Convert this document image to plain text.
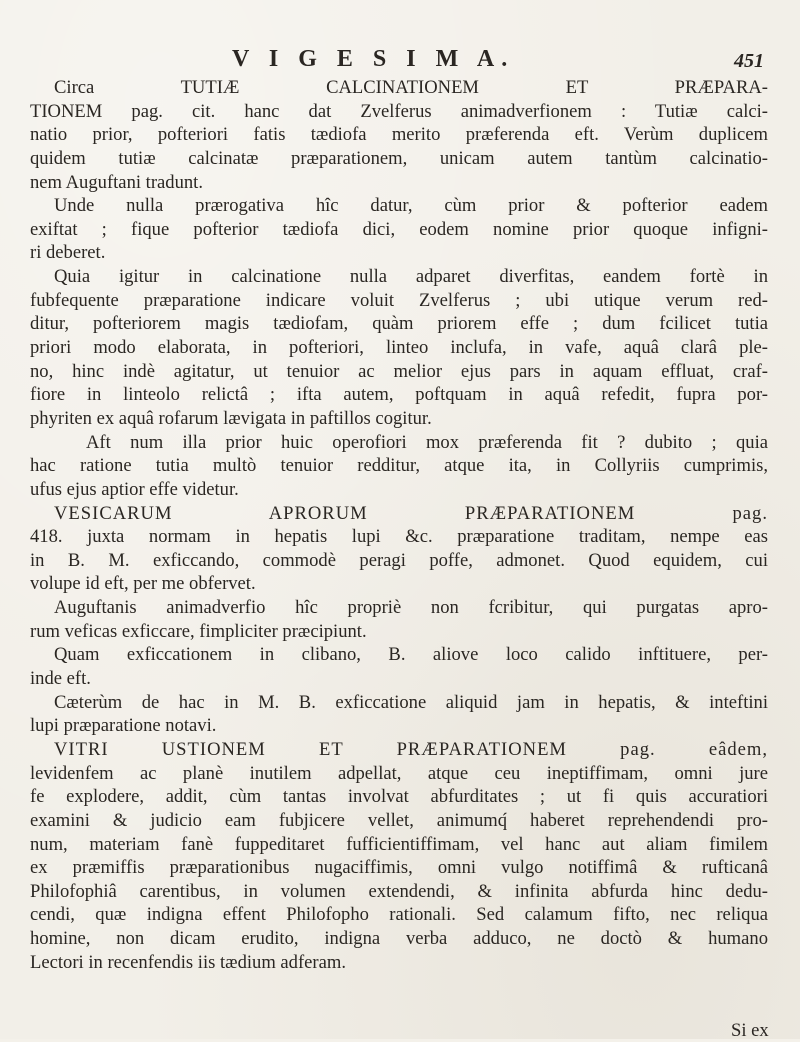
V I G E S I M A.	451
Circa TUTIÆ CALCINATIONEM ET PRÆPARA-
TIONEM pag. cit. hanc dat Zvelferus animadverfionem : Tutiæ calci-
natio prior, pofteriori fatis tædiofa merito præferenda eft. Verùm duplicem
quidem tutiæ calcinatæ præparationem, unicam autem tantùm calcinatio-
nem Auguftani tradunt.
Unde nulla prærogativa hîc datur, cùm prior & pofterior eadem
exiftat ; fique pofterior tædiofa dici, eodem nomine prior quoque infigni-
ri deberet.
Quia igitur in calcinatione nulla adparet diverfitas, eandem fortè in
fubfequente præparatione indicare voluit Zvelferus ; ubi utique verum red-
ditur, pofteriorem magis tædiofam, quàm priorem effe ; dum fcilicet tutia
priori modo elaborata, in pofteriori, linteo inclufa, in vafe, aquâ clarâ ple-
no, hinc indè agitatur, ut tenuior ac melior ejus pars in aquam effluat, craf-
fiore in linteolo relictâ ; ifta autem, poftquam in aquâ refedit, fupra por-
phyriten ex aquâ rofarum lævigata in paftillos cogitur.
Aft num illa prior huic operofiori mox præferenda fit ? dubito ; quia
hac ratione tutia multò tenuior redditur, atque ita, in Collyriis cumprimis,
ufus ejus aptior effe videtur.
VESICARUM APRORUM PRÆPARATIONEM pag.
418. juxta normam in hepatis lupi &c. præparatione traditam, nempe eas
in B. M. exficcando, commodè peragi poffe, admonet. Quod equidem, cui
volupe id eft, per me obfervet.
Auguftanis animadverfio hîc propriè non fcribitur, qui purgatas apro-
rum veficas exficcare, fimpliciter præcipiunt.
Quam exficcationem in clibano, B. aliove loco calido inftituere, per-
inde eft.
Cæterùm de hac in M. B. exficcatione aliquid jam in hepatis, & inteftini
lupi præparatione notavi.
VITRI USTIONEM ET PRÆPARATIONEM pag. eâdem,
levidenfem ac planè inutilem adpellat, atque ceu ineptiffimam, omni jure
fe explodere, addit, cùm tantas involvat abfurditates ; ut fi quis accuratiori
examini & judicio eam fubjicere vellet, animumq́ haberet reprehendendi pro-
num, materiam fanè fuppeditaret fufficientiffimam, vel hanc aut aliam fimilem
ex præmiffis præparationibus nugaciffimis, omni vulgo notiffimâ & rufticanâ
Philofophiâ carentibus, in volumen extendendi, & infinita abfurda hinc dedu-
cendi, quæ indigna effent Philofopho rationali. Sed calamum fifto, nec reliqua
homine, non dicam erudito, indigna verba adduco, ne doctò & humano
Lectori in recenfendis iis tædium adferam.
Si ex
